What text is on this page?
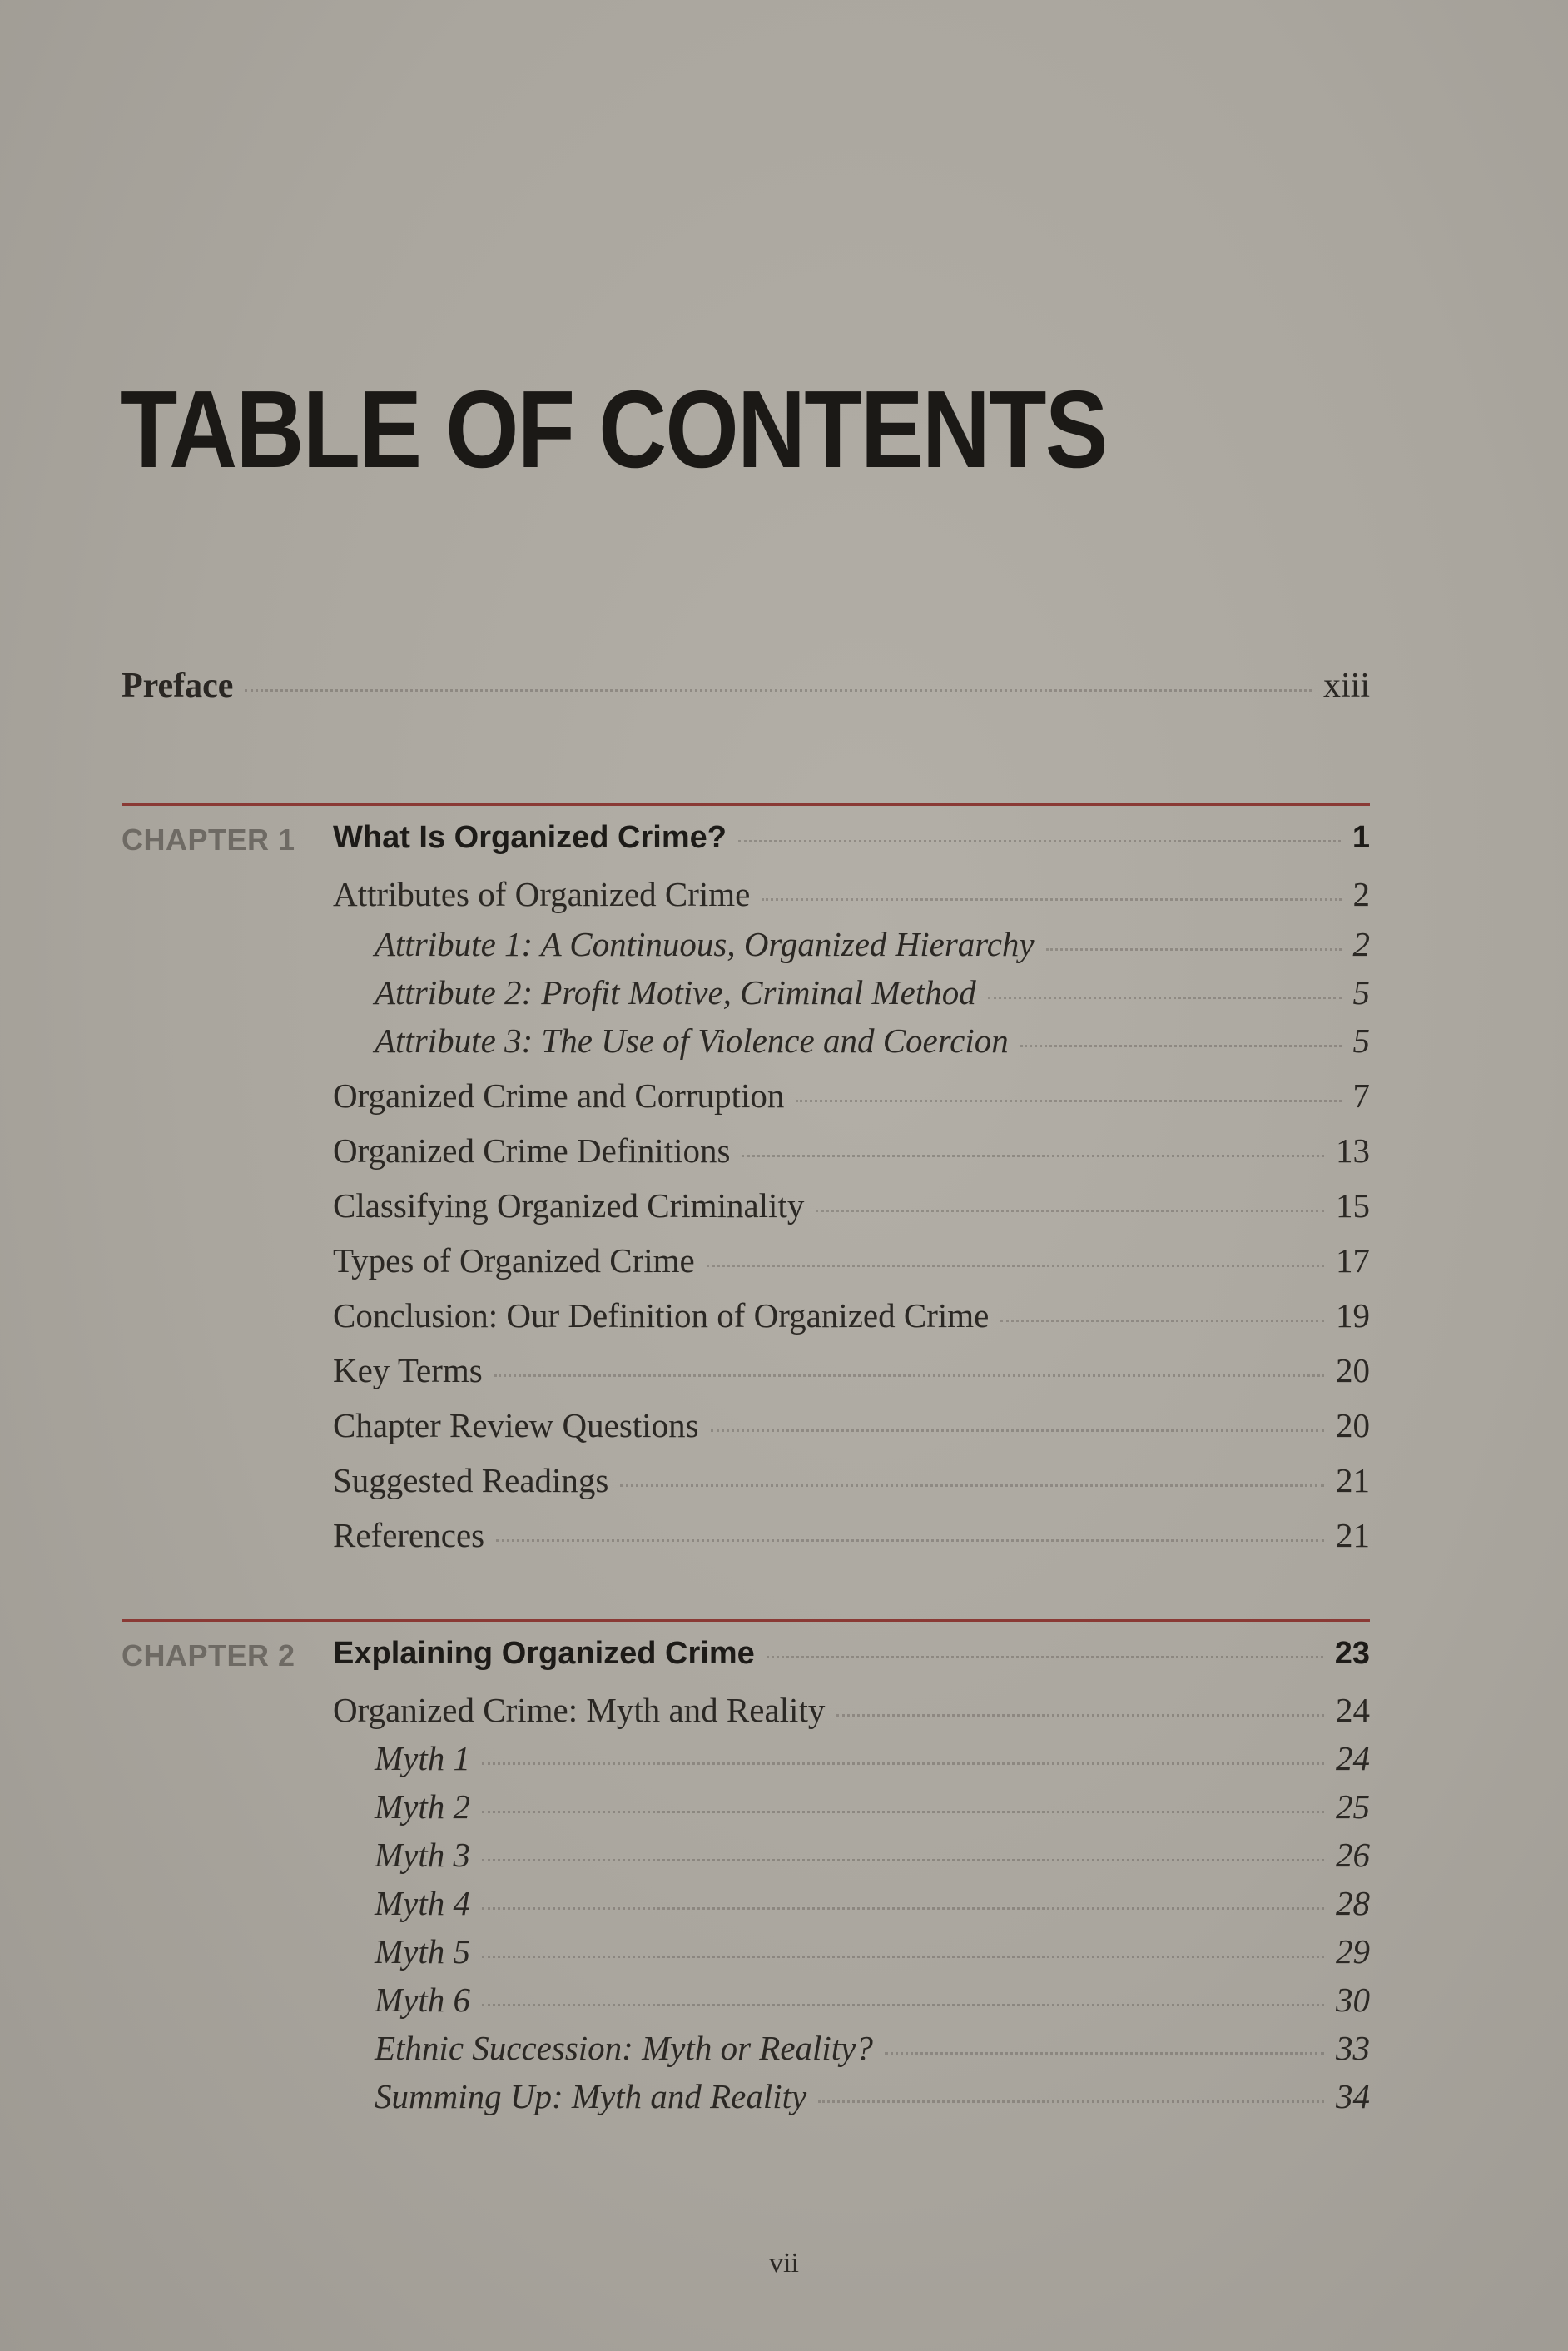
TABLE OF CONTENTS
Preface	xiii
CHAPTER 1 What Is Organized Crime?	1
Attributes of Organized Crime	2
Attribute 1: A Continuous, Organized Hierarchy	2
Attribute 2: Profit Motive, Criminal Method	5
Attribute 3: The Use of Violence and Coercion	5
Organized Crime and Corruption	7
Organized Crime Definitions	13
Classifying Organized Criminality	15
Types of Organized Crime	17
Conclusion: Our Definition of Organized Crime	19
Key Terms	20
Chapter Review Questions	20
Suggested Readings	21
References	21
CHAPTER 2 Explaining Organized Crime	23
Organized Crime: Myth and Reality	24
Myth 1	24
Myth 2	25
Myth 3	26
Myth 4	28
Myth 5	29
Myth 6	30
Ethnic Succession: Myth or Reality?	33
Summing Up: Myth and Reality	34
vii
